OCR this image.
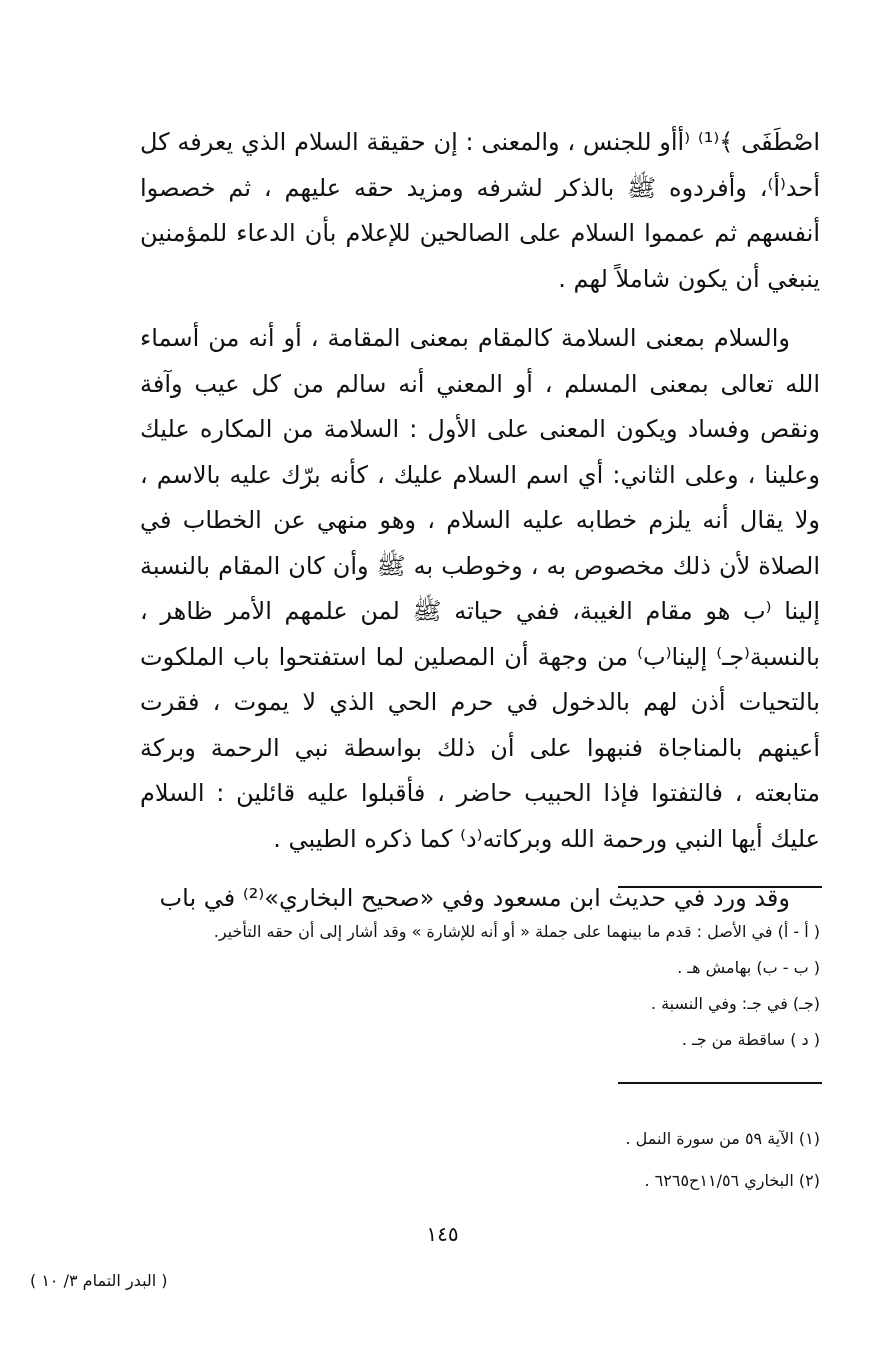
اصْطَفَى ﴾⁽¹⁾ ⁽أأو للجنس ، والمعنى : إن حقيقة السلام الذي يعرفه كل أحد⁽أ⁾، وأفردوه ﷺ بالذكر لشرفه ومزيد حقه عليهم ، ثم خصصوا أنفسهم ثم عمموا السلام على الصالحين للإعلام بأن الدعاء للمؤمنين ينبغي أن يكون شاملاً لهم .

والسلام بمعنى السلامة كالمقام بمعنى المقامة ، أو أنه من أسماء الله تعالى بمعنى المسلم ، أو المعني أنه سالم من كل عيب وآفة ونقص وفساد ويكون المعنى على الأول : السلامة من المكاره عليك وعلينا ، وعلى الثاني: أي اسم السلام عليك ، كأنه برّك عليه بالاسم ، ولا يقال أنه يلزم خطابه عليه السلام ، وهو منهي عن الخطاب في الصلاة لأن ذلك مخصوص به ، وخوطب به ﷺ وأن كان المقام بالنسبة إلينا ⁽ب هو مقام الغيبة، ففي حياته ﷺ لمن علمهم الأمر ظاهر ، بالنسبة⁽جـ⁾ إلينا⁽ب⁾ من وجهة أن المصلين لما استفتحوا باب الملكوت بالتحيات أذن لهم بالدخول في حرم الحي الذي لا يموت ، فقرت أعينهم بالمناجاة فنبهوا على أن ذلك بواسطة نبي الرحمة وبركة متابعته ، فالتفتوا فإذا الحبيب حاضر ، فأقبلوا عليه قائلين : السلام عليك أيها النبي ورحمة الله وبركاته⁽د⁾ كما ذكره الطيبي .

وقد ورد في حديث ابن مسعود وفي «صحيح البخاري»⁽²⁾ في باب

( أ - أ) في الأصل : قدم ما بينهما على جملة « أو أنه للإشارة » وقد أشار إلى أن حقه التأخير.
( ب - ب) بهامش هـ .
(جـ) في جـ: وفي النسبة .
( د ) ساقطة من جـ .
(١) الآية ٥٩ من سورة النمل .
(٢) البخاري ١١/٥٦ح٦٢٦٥ .
١٤٥
( البدر التمام ٣/ ١٠ )
